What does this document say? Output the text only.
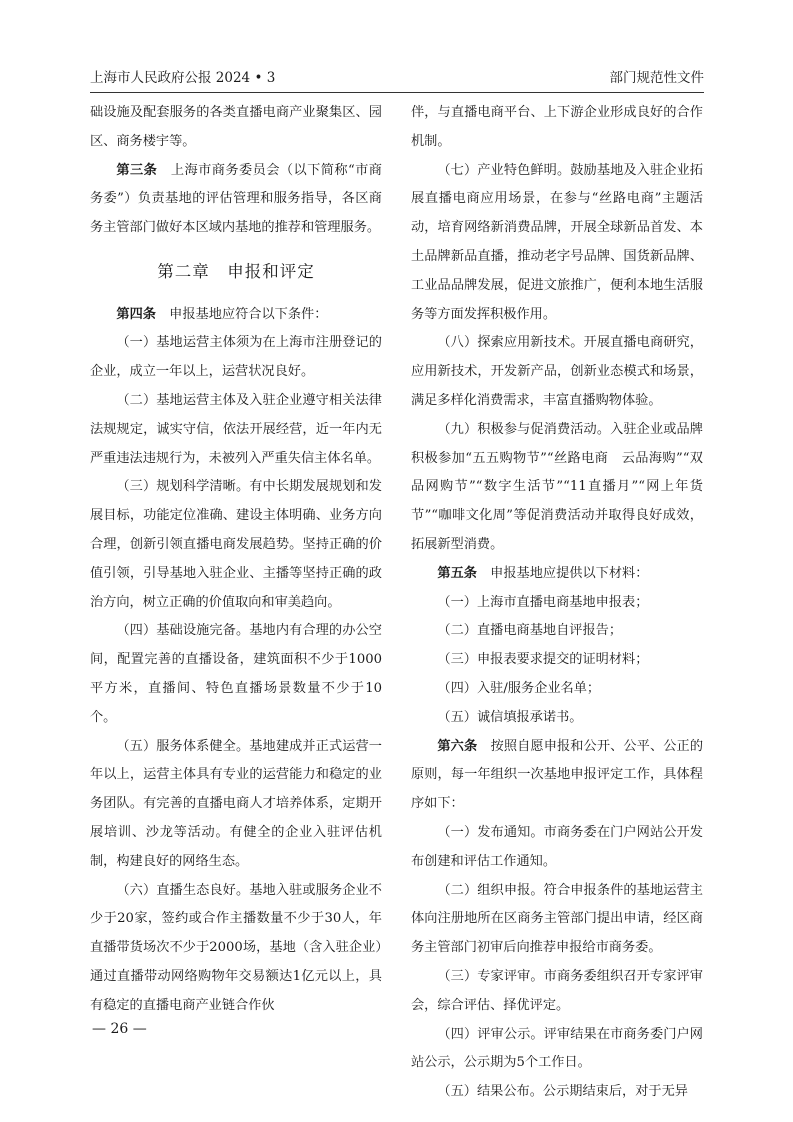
上海市人民政府公报 2024 • 3	部门规范性文件

础设施及配套服务的各类直播电商产业聚集区、园区、商务楼宇等。

第三条　 上海市商务委员会（以下简称“市商务委”）负责基地的评估管理和服务指导，各区商务主管部门做好本区域内基地的推荐和管理服务。

第二章　 申报和评定

第四条　 申报基地应符合以下条件：

（一）基地运营主体须为在上海市注册登记的企业，成立一年以上，运营状况良好。

（二）基地运营主体及入驻企业遵守相关法律法规规定，诚实守信，依法开展经营，近一年内无严重违法违规行为，未被列入严重失信主体名单。

（三）规划科学清晰。有中长期发展规划和发展目标，功能定位准确、建设主体明确、业务方向合理，创新引领直播电商发展趋势。坚持正确的价值引领，引导基地入驻企业、主播等坚持正确的政治方向，树立正确的价值取向和审美趋向。

（四）基础设施完备。基地内有合理的办公空间，配置完善的直播设备，建筑面积不少于1000平方米，直播间、特色直播场景数量不少于10个。

（五）服务体系健全。基地建成并正式运营一年以上，运营主体具有专业的运营能力和稳定的业务团队。有完善的直播电商人才培养体系，定期开展培训、沙龙等活动。有健全的企业入驻评估机制，构建良好的网络生态。

（六）直播生态良好。基地入驻或服务企业不少于20家，签约或合作主播数量不少于30人，年直播带货场次不少于2000场，基地（含入驻企业）通过直播带动网络购物年交易额达1亿元以上，具有稳定的直播电商产业链合作伙

伴，与直播电商平台、上下游企业形成良好的合作机制。

（七）产业特色鲜明。鼓励基地及入驻企业拓展直播电商应用场景，在参与“丝路电商”主题活动，培育网络新消费品牌，开展全球新品首发、本土品牌新品直播，推动老字号品牌、国货新品牌、工业品品牌发展，促进文旅推广，便利本地生活服务等方面发挥积极作用。

（八）探索应用新技术。开展直播电商研究，应用新技术，开发新产品，创新业态模式和场景，满足多样化消费需求，丰富直播购物体验。

（九）积极参与促消费活动。入驻企业或品牌积极参加“五五购物节”“丝路电商　云品海购”“双品网购节”“数字生活节”“11直播月”“网上年货节”“咖啡文化周”等促消费活动并取得良好成效，拓展新型消费。

第五条　 申报基地应提供以下材料：

（一）上海市直播电商基地申报表；

（二）直播电商基地自评报告；

（三）申报表要求提交的证明材料；

（四）入驻/服务企业名单；

（五）诚信填报承诺书。

第六条　 按照自愿申报和公开、公平、公正的原则，每一年组织一次基地申报评定工作，具体程序如下：

（一）发布通知。市商务委在门户网站公开发布创建和评估工作通知。

（二）组织申报。符合申报条件的基地运营主体向注册地所在区商务主管部门提出申请，经区商务主管部门初审后向推荐申报给市商务委。

（三）专家评审。市商务委组织召开专家评审会，综合评估、择优评定。

（四）评审公示。评审结果在市商务委门户网站公示，公示期为5个工作日。

（五）结果公布。公示期结束后，对于无异

— 26 —
